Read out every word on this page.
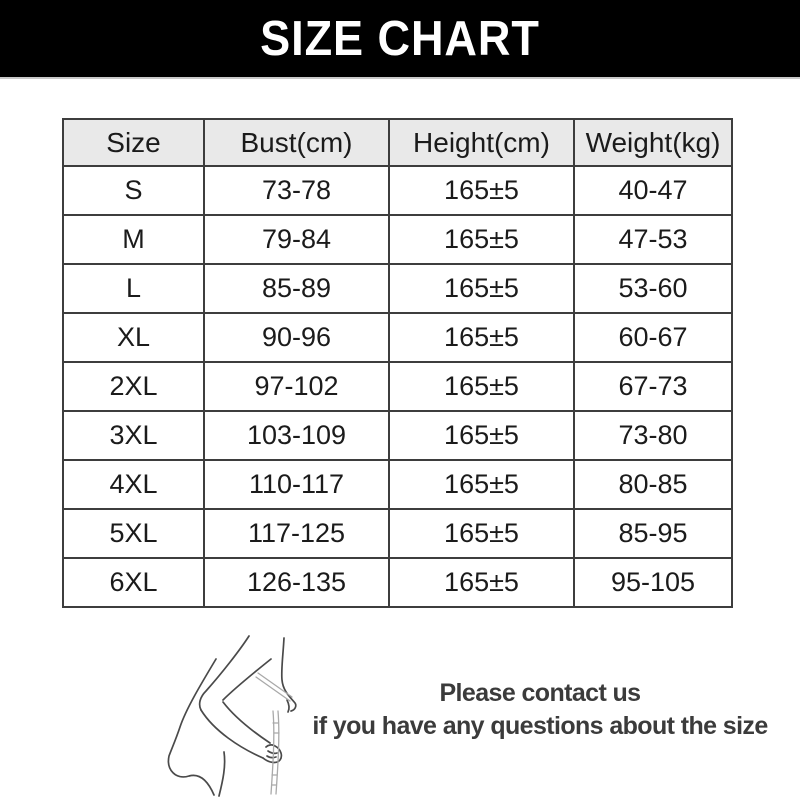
SIZE CHART
Size	Bust(cm)	Height(cm)	Weight(kg)
S	73-78	165±5	40-47
M	79-84	165±5	47-53
L	85-89	165±5	53-60
XL	90-96	165±5	60-67
2XL	97-102	165±5	67-73
3XL	103-109	165±5	73-80
4XL	110-117	165±5	80-85
5XL	117-125	165±5	85-95
6XL	126-135	165±5	95-105
Please contact us
if you have any questions about the size
